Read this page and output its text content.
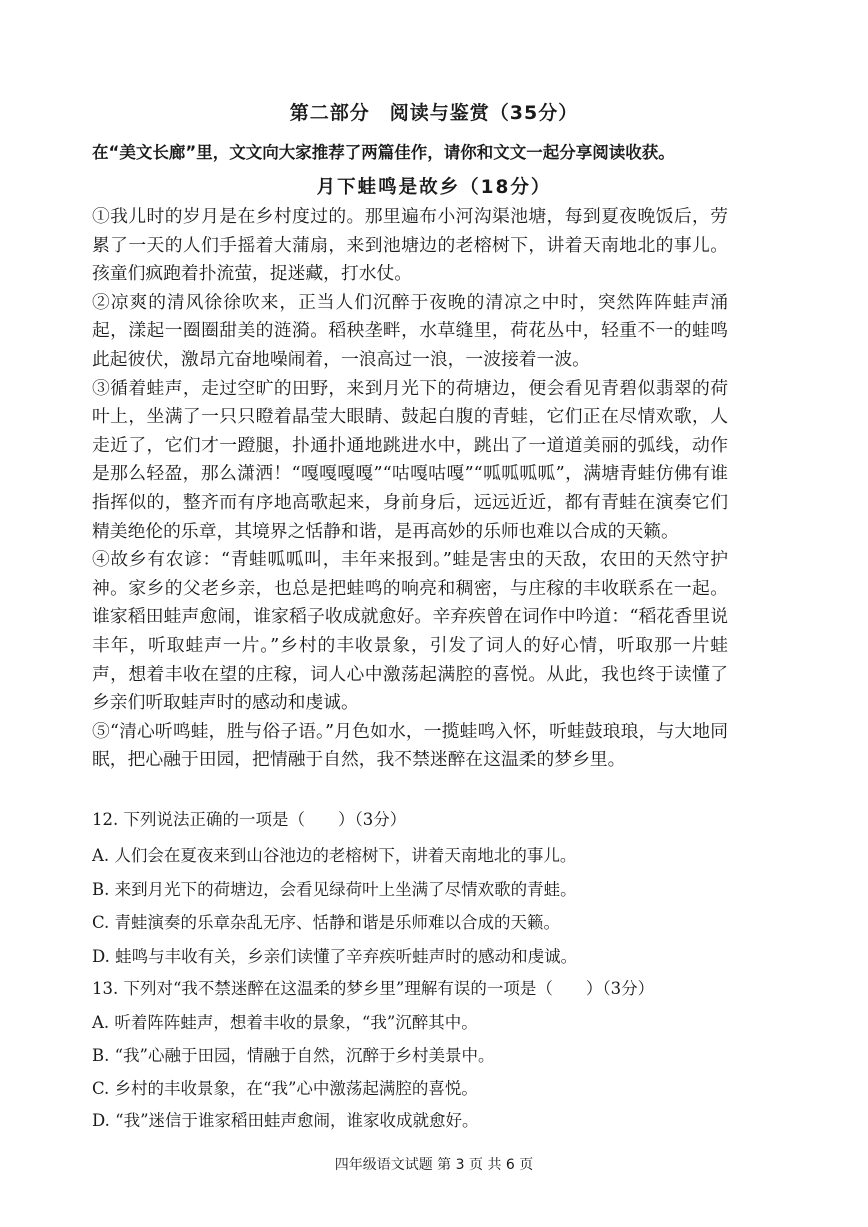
第二部分　阅读与鉴赏（35分）
在“美文长廊”里，文文向大家推荐了两篇佳作，请你和文文一起分享阅读收获。
月下蛙鸣是故乡（18分）

①我儿时的岁月是在乡村度过的。那里遍布小河沟渠池塘，每到夏夜晚饭后，劳累了一天的人们手摇着大蒲扇，来到池塘边的老榕树下，讲着天南地北的事儿。孩童们疯跑着扑流萤，捉迷藏，打水仗。

②凉爽的清风徐徐吹来，正当人们沉醉于夜晚的清凉之中时，突然阵阵蛙声涌起，漾起一圈圈甜美的涟漪。稻秧垄畔，水草缝里，荷花丛中，轻重不一的蛙鸣此起彼伏，激昂亢奋地噪闹着，一浪高过一浪，一波接着一波。

③循着蛙声，走过空旷的田野，来到月光下的荷塘边，便会看见青碧似翡翠的荷叶上，坐满了一只只瞪着晶莹大眼睛、鼓起白腹的青蛙，它们正在尽情欢歌，人走近了，它们才一蹬腿，扑通扑通地跳进水中，跳出了一道道美丽的弧线，动作是那么轻盈，那么潇洒！“嘎嘎嘎嘎”“咕嘎咕嘎”“呱呱呱呱”，满塘青蛙仿佛有谁指挥似的，整齐而有序地高歌起来，身前身后，远远近近，都有青蛙在演奏它们精美绝伦的乐章，其境界之恬静和谐，是再高妙的乐师也难以合成的天籁。

④故乡有农谚：“青蛙呱呱叫，丰年来报到。”蛙是害虫的天敌，农田的天然守护神。家乡的父老乡亲，也总是把蛙鸣的响亮和稠密，与庄稼的丰收联系在一起。谁家稻田蛙声愈闹，谁家稻子收成就愈好。辛弃疾曾在词作中吟道：“稻花香里说丰年，听取蛙声一片。”乡村的丰收景象，引发了词人的好心情，听取那一片蛙声，想着丰收在望的庄稼，词人心中激荡起满腔的喜悦。从此，我也终于读懂了乡亲们听取蛙声时的感动和虔诚。

⑤“清心听鸣蛙，胜与俗子语。”月色如水，一揽蛙鸣入怀，听蛙鼓琅琅，与大地同眠，把心融于田园，把情融于自然，我不禁迷醉在这温柔的梦乡里。

12. 下列说法正确的一项是（　　）（3分）
A. 人们会在夏夜来到山谷池边的老榕树下，讲着天南地北的事儿。
B. 来到月光下的荷塘边，会看见绿荷叶上坐满了尽情欢歌的青蛙。
C. 青蛙演奏的乐章杂乱无序、恬静和谐是乐师难以合成的天籁。
D. 蛙鸣与丰收有关，乡亲们读懂了辛弃疾听蛙声时的感动和虔诚。
13. 下列对“我不禁迷醉在这温柔的梦乡里”理解有误的一项是（　　）（3分）
A. 听着阵阵蛙声，想着丰收的景象，“我”沉醉其中。
B. “我”心融于田园，情融于自然，沉醉于乡村美景中。
C. 乡村的丰收景象，在“我”心中激荡起满腔的喜悦。
D. “我”迷信于谁家稻田蛙声愈闹，谁家收成就愈好。
四年级语文试题 第 3 页 共 6 页
